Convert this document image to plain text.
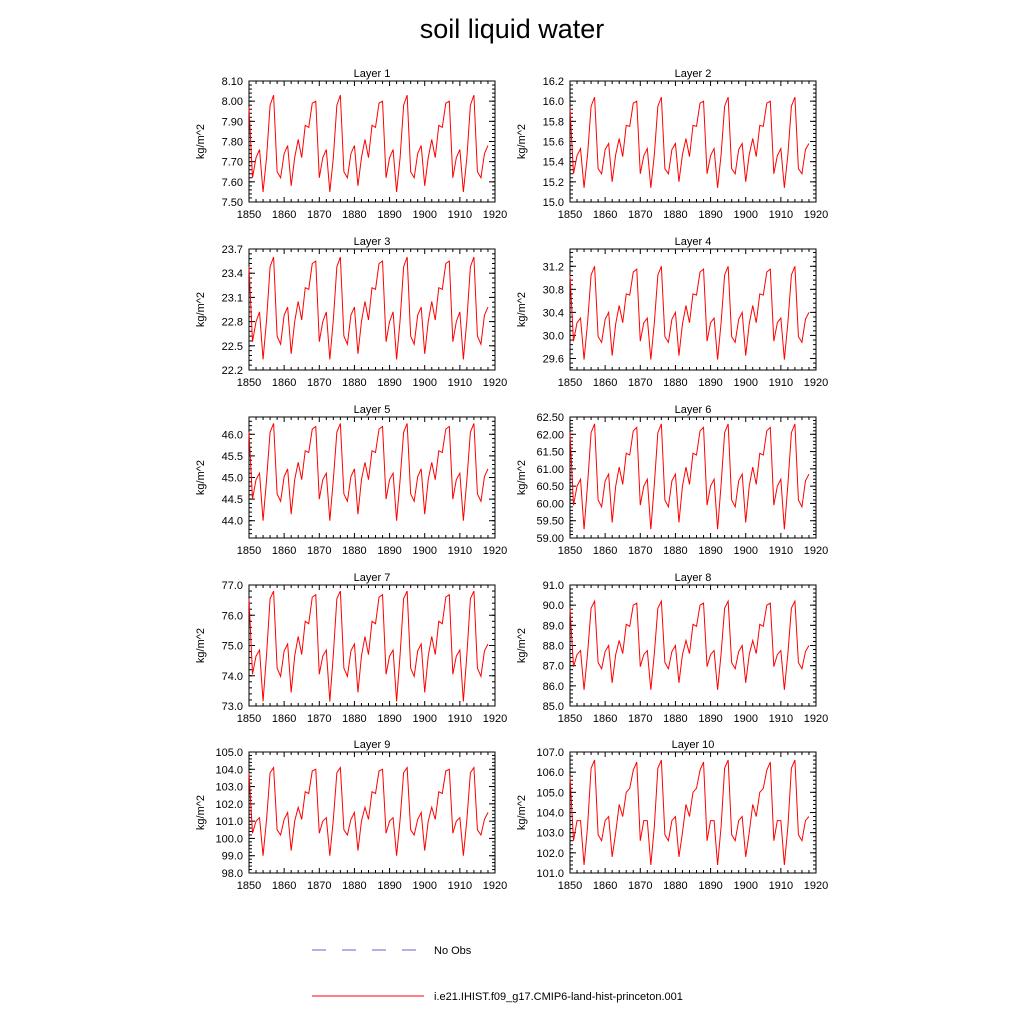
soil liquid water
Layer 1
kg/m^2
1850 1860 1870 1880 1890 1900 1910 1920
7.50
7.60
7.70
7.80
7.90
8.00
8.10
Layer 2
kg/m^2
1850 1860 1870 1880 1890 1900 1910 1920
15.0
15.2
15.4
15.6
15.8
16.0
16.2
Layer 3
kg/m^2
1850 1860 1870 1880 1890 1900 1910 1920
22.2
22.5
22.8
23.1
23.4
23.7
Layer 4
kg/m^2
1850 1860 1870 1880 1890 1900 1910 1920
29.6
30.0
30.4
30.8
31.2
Layer 5
kg/m^2
1850 1860 1870 1880 1890 1900 1910 1920
44.0
44.5
45.0
45.5
46.0
Layer 6
kg/m^2
1850 1860 1870 1880 1890 1900 1910 1920
59.00
59.50
60.00
60.50
61.00
61.50
62.00
62.50
Layer 7
kg/m^2
1850 1860 1870 1880 1890 1900 1910 1920
73.0
74.0
75.0
76.0
77.0
Layer 8
kg/m^2
1850 1860 1870 1880 1890 1900 1910 1920
85.0
86.0
87.0
88.0
89.0
90.0
91.0
Layer 9
kg/m^2
1850 1860 1870 1880 1890 1900 1910 1920
98.0
99.0
100.0
101.0
102.0
103.0
104.0
105.0
Layer 10
kg/m^2
1850 1860 1870 1880 1890 1900 1910 1920
101.0
102.0
103.0
104.0
105.0
106.0
107.0
No Obs
i.e21.IHIST.f09_g17.CMIP6-land-hist-princeton.001
